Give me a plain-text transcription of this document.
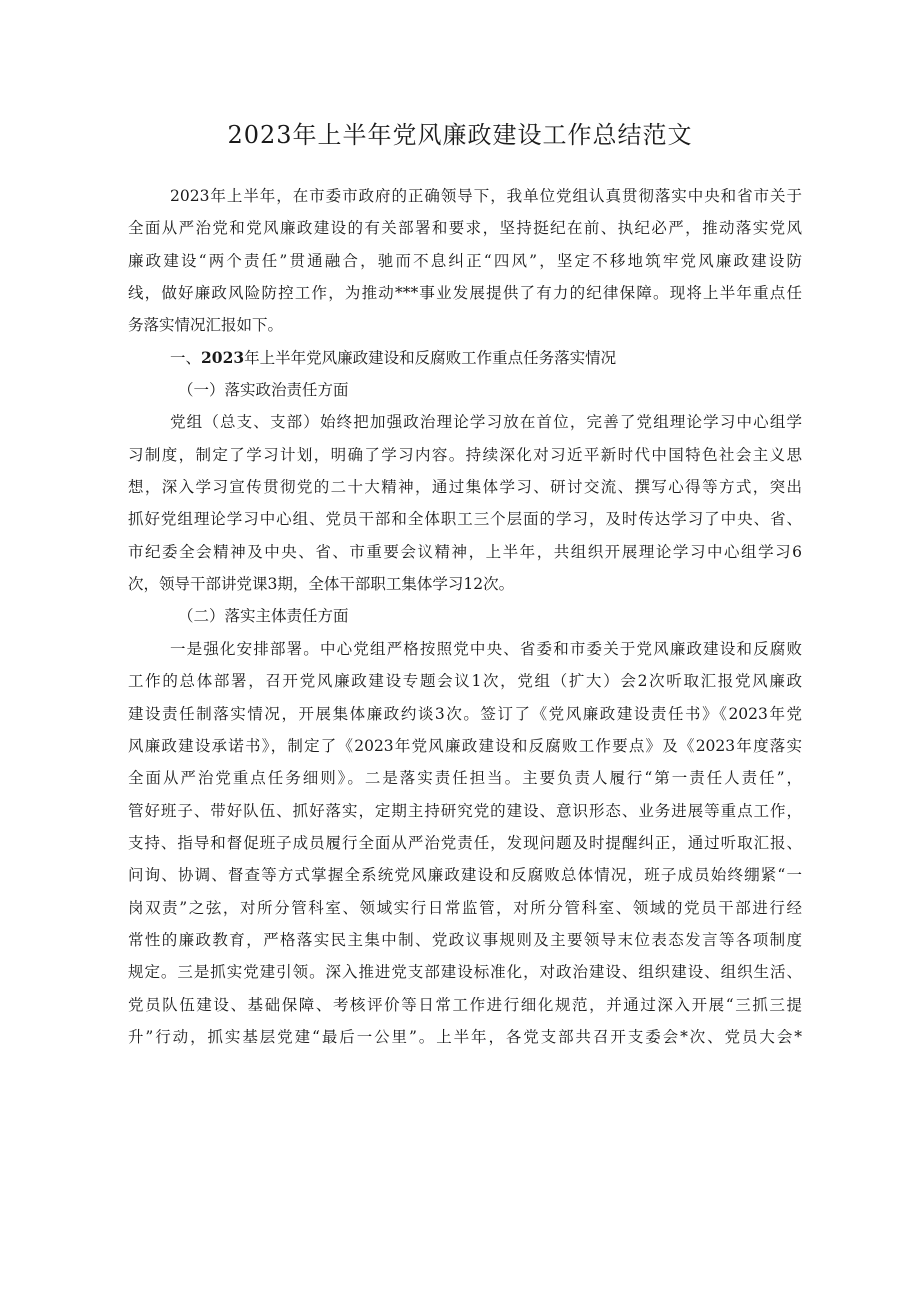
2023年上半年党风廉政建设工作总结范文
2023年上半年，在市委市政府的正确领导下，我单位党组认真贯彻落实中央和省市关于
全面从严治党和党风廉政建设的有关部署和要求，坚持挺纪在前、执纪必严，推动落实党风
廉政建设“两个责任”贯通融合，驰而不息纠正“四风”，坚定不移地筑牢党风廉政建设防
线，做好廉政风险防控工作，为推动***事业发展提供了有力的纪律保障。现将上半年重点任
务落实情况汇报如下。
一、2023年上半年党风廉政建设和反腐败工作重点任务落实情况
（一）落实政治责任方面
党组（总支、支部）始终把加强政治理论学习放在首位，完善了党组理论学习中心组学
习制度，制定了学习计划，明确了学习内容。持续深化对习近平新时代中国特色社会主义思
想，深入学习宣传贯彻党的二十大精神，通过集体学习、研讨交流、撰写心得等方式，突出
抓好党组理论学习中心组、党员干部和全体职工三个层面的学习，及时传达学习了中央、省、
市纪委全会精神及中央、省、市重要会议精神，上半年，共组织开展理论学习中心组学习6
次，领导干部讲党课3期，全体干部职工集体学习12次。
（二）落实主体责任方面
一是强化安排部署。中心党组严格按照党中央、省委和市委关于党风廉政建设和反腐败
工作的总体部署，召开党风廉政建设专题会议1次，党组（扩大）会2次听取汇报党风廉政
建设责任制落实情况，开展集体廉政约谈3次。签订了《党风廉政建设责任书》《2023年党
风廉政建设承诺书》，制定了《2023年党风廉政建设和反腐败工作要点》及《2023年度落实
全面从严治党重点任务细则》。二是落实责任担当。主要负责人履行“第一责任人责任”，
管好班子、带好队伍、抓好落实，定期主持研究党的建设、意识形态、业务进展等重点工作，
支持、指导和督促班子成员履行全面从严治党责任，发现问题及时提醒纠正，通过听取汇报、
问询、协调、督查等方式掌握全系统党风廉政建设和反腐败总体情况，班子成员始终绷紧“一
岗双责”之弦，对所分管科室、领域实行日常监管，对所分管科室、领域的党员干部进行经
常性的廉政教育，严格落实民主集中制、党政议事规则及主要领导末位表态发言等各项制度
规定。三是抓实党建引领。深入推进党支部建设标准化，对政治建设、组织建设、组织生活、
党员队伍建设、基础保障、考核评价等日常工作进行细化规范，并通过深入开展“三抓三提
升”行动，抓实基层党建“最后一公里”。上半年，各党支部共召开支委会*次、党员大会*
